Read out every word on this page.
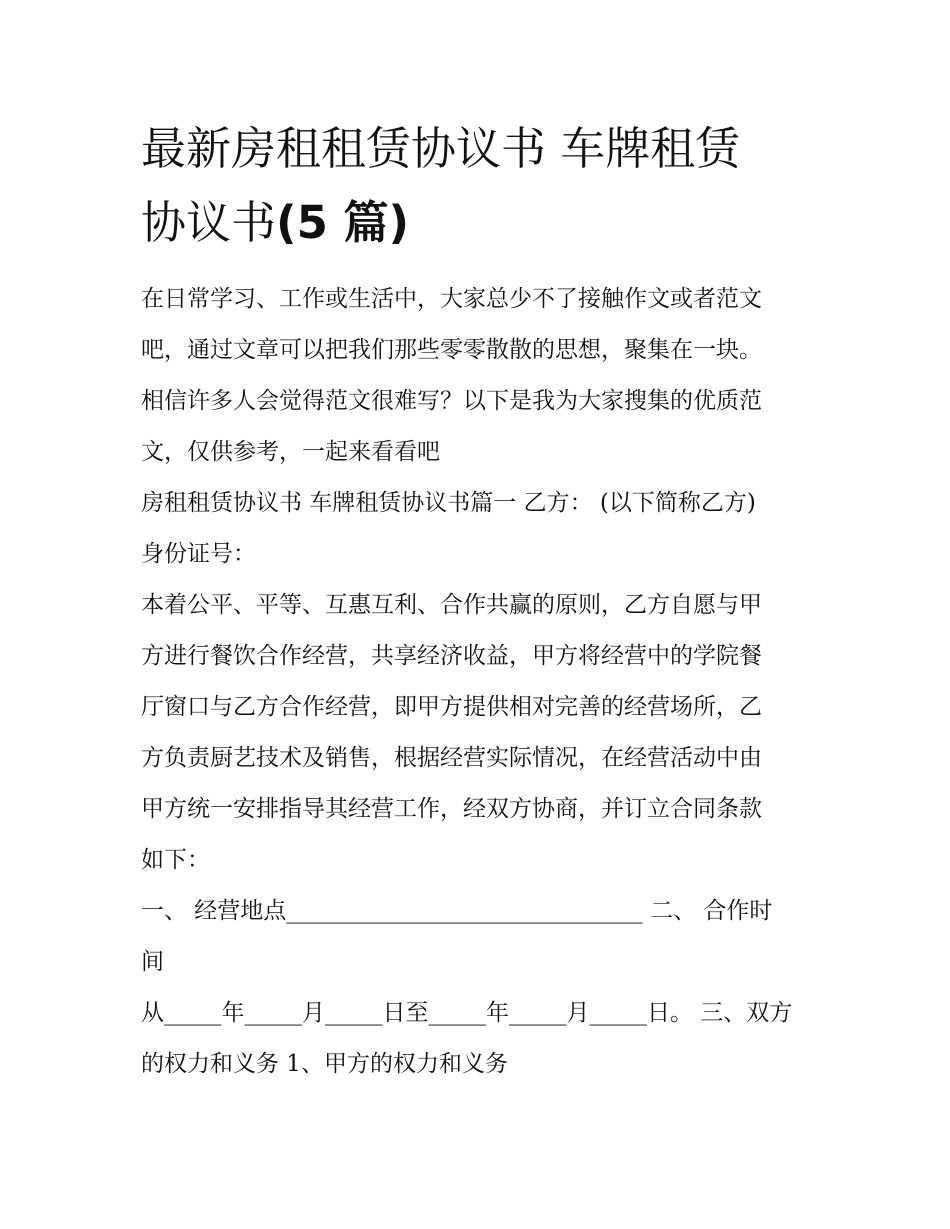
最新房租租赁协议书 车牌租赁
协议书(5 篇)

在日常学习、工作或生活中，大家总少不了接触作文或者范文
吧，通过文章可以把我们那些零零散散的思想，聚集在一块。
相信许多人会觉得范文很难写？以下是我为大家搜集的优质范
文，仅供参考，一起来看看吧

房租租赁协议书 车牌租赁协议书篇一 乙方： (以下简称乙方)
身份证号：

本着公平、平等、互惠互利、合作共赢的原则，乙方自愿与甲
方进行餐饮合作经营，共享经济收益，甲方将经营中的学院餐
厅窗口与乙方合作经营，即甲方提供相对完善的经营场所，乙
方负责厨艺技术及销售，根据经营实际情况，在经营活动中由
甲方统一安排指导其经营工作，经双方协商，并订立合同条款
如下：

一、 经营地点_______________________________ 二、 合作时
间

从_____年_____月_____日至_____年_____月_____日。 三、双方
的权力和义务 1、甲方的权力和义务
